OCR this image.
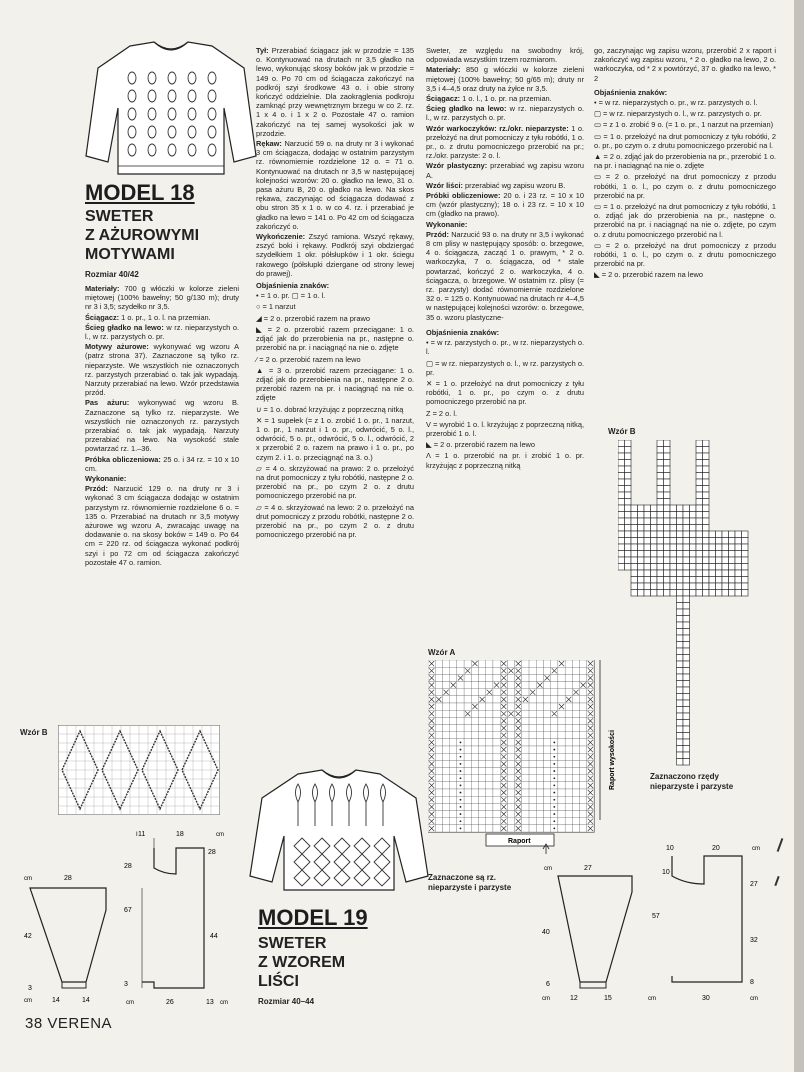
MODEL 18
SWETER
Z AŻUROWYMI
MOTYWAMI
Rozmiar 40/42

Materiały: 700 g włóczki w kolorze zieleni miętowej (100% bawełny; 50 g/130 m); druty nr 3 i 3,5; szydełko nr 3,5.

Ściągacz: 1 o. pr., 1 o. l. na przemian.

Ścieg gładko na lewo: w rz. nieparzystych o. l., w rz. parzystych o. pr.

Motywy ażurowe: wykonywać wg wzoru A (patrz strona 37). Zaznaczone są tylko rz. nieparzyste. We wszystkich nie oznaczonych rz. parzystych przerabiać o. tak jak wypadają. Narzuty przerabiać na lewo. Wzór przedstawia przód.

Pas ażuru: wykonywać wg wzoru B. Zaznaczone są tylko rz. nieparzyste. We wszystkich nie oznaczonych rz. parzystych przerabiać o. tak jak wypadają. Narzuty przerabiać na lewo. Na wysokość stale powtarzać rz. 1.–36.

Próbka obliczeniowa: 25 o. i 34 rz. = 10 x 10 cm.

Wykonanie:

Przód: Narzucić 129 o. na druty nr 3 i wykonać 3 cm ściągacza dodając w ostatnim parzystym rz. równomiernie rozdzielone 6 o. = 135 o. Przerabiać na drutach nr 3,5 motywy ażurowe wg wzoru A, zwracając uwagę na dodawanie o. na skosy boków = 149 o. Po 64 cm = 220 rz. od ściągacza wykonać podkrój szyi i po 72 cm od ściągacza zakończyć pozostałe 47 o. ramion.

Tył: Przerabiać ściągacz jak w przodzie = 135 o. Kontynuować na drutach nr 3,5 gładko na lewo, wykonując skosy boków jak w przodzie = 149 o. Po 70 cm od ściągacza zakończyć na podkrój szyi środkowe 43 o. i obie strony kończyć oddzielnie. Dla zaokrąglenia podkroju zamknąć przy wewnętrznym brzegu w co 2. rz. 1 x 4 o. i 1 x 2 o. Pozostałe 47 o. ramion zakończyć na tej samej wysokości jak w przodzie.

Rękaw: Narzucić 59 o. na druty nr 3 i wykonać 3 cm ściągacza, dodając w ostatnim parzystym rz. równomiernie rozdzielone 12 o. = 71 o. Kontynuować na drutach nr 3,5 w następującej kolejności wzorów: 20 o. gładko na lewo, 31 o. pasa ażuru B, 20 o. gładko na lewo. Na skos rękawa, zaczynając od ściągacza dodawać z obu stron 35 x 1 o. w co 4. rz. i przerabiać je gładko na lewo = 141 o. Po 42 cm od ściągacza zakończyć o.

Wykończenie: Zszyć ramiona. Wszyć rękawy, zszyć boki i rękawy. Podkrój szyi obdziergać szydełkiem 1 okr. półsłupków i 1 okr. ściegu rakowego (półsłupki dziergane od strony lewej do prawej).

Objaśnienia znaków:

• = 1 o. pr. ▢ = 1 o. l.

○ = 1 narzut

◢ = 2 o. przerobić razem na prawo

◣ = 2 o. przerobić razem przeciągane: 1 o. zdjąć jak do przerobienia na pr., następne o. przerobić na pr. i naciągnąć na nie o. zdjęte

⁄ = 2 o. przerobić razem na lewo

▲ = 3 o. przerobić razem przeciągane: 1 o. zdjąć jak do przerobienia na pr., następne 2 o. przerobić razem na pr. i naciągnąć na nie o. zdjęte

∪ = 1 o. dobrać krzyżując z poprzeczną nitką

✕ = 1 supełek (= z 1 o. zrobić 1 o. pr., 1 narzut, 1 o. pr., 1 narzut i 1 o. pr., odwrócić, 5 o. l., odwrócić, 5 o. pr., odwrócić, 5 o. l., odwrócić, 2 x przerobić 2 o. razem na prawo i 1 o. pr., po czym 2. i 1. o. przeciągnąć na 3. o.)

▱ = 4 o. skrzyżować na prawo: 2 o. przełożyć na drut pomocniczy z tyłu robótki, następne 2 o. przerobić na pr., po czym 2 o. z drutu pomocniczego przerobić na pr.

▱ = 4 o. skrzyżować na lewo: 2 o. przełożyć na drut pomocniczy z przodu robótki, następne 2 o. przerobić na pr., po czym 2 o. z drutu pomocniczego przerobić na pr.

Wzór B
cm	28
42
cm	14	14
3
I 11	18	cm
28
28
67
44
3
cm	26	13 cm
MODEL 19
SWETER
Z WZOREM
LIŚCI
Rozmiar 40–44

Sweter, ze względu na swobodny krój, odpowiada wszystkim trzem rozmiarom.

Materiały: 850 g włóczki w kolorze zieleni miętowej (100% bawełny; 50 g/65 m); druty nr 3,5 i 4–4,5 oraz druty na żyłce nr 3,5.

Ściągacz: 1 o. l., 1 o. pr. na przemian.

Ścieg gładko na lewo: w rz. nieparzystych o. l., w rz. parzystych o. pr.

Wzór warkoczyków: rz./okr. nieparzyste: 1 o. przełożyć na drut pomocniczy z tyłu robótki, 1 o. pr., o. z drutu pomocniczego przerobić na pr.; rz./okr. parzyste: 2 o. l.

Wzór plastyczny: przerabiać wg zapisu wzoru A.

Wzór liści: przerabiać wg zapisu wzoru B.

Próbki obliczeniowe: 20 o. i 23 rz. = 10 x 10 cm (wzór plastyczny); 18 o. i 23 rz. = 10 x 10 cm (gładko na prawo).

Wykonanie:

Przód: Narzucić 93 o. na druty nr 3,5 i wykonać 8 cm plisy w następujący sposób: o. brzegowe, 4 o. ściągacza, zacząć 1 o. prawym, * 2 o. warkoczyka, 7 o. ściągacza, od * stale powtarzać, kończyć 2 o. warkoczyka, 4 o. ściągacza, o. brzegowe. W ostatnim rz. plisy (= rz. parzysty) dodać równomiernie rozdzielone 32 o. = 125 o. Kontynuować na drutach nr 4–4,5 w następującej kolejności wzorów: o. brzegowe, 35 o. wzoru plastyczne-

Objaśnienia znaków:

• = w rz. parzystych o. pr., w rz. nieparzystych o. l.

▢ = w rz. nieparzystych o. l., w rz. parzystych o. pr.

✕ = 1 o. przełożyć na drut pomocniczy z tyłu robótki, 1 o. pr., po czym o. z drutu pomocniczego przerobić na pr.

Z = 2 o. l.

V = wyrobić 1 o. l. krzyżując z poprzeczną nitką, przerobić 1 o. l.

◣ = 2 o. przerobić razem na lewo

Λ = 1 o. przerobić na pr. i zrobić 1 o. pr. krzyżując z poprzeczną nitką

go, zaczynając wg zapisu wzoru, przerobić 2 x raport i zakończyć wg zapisu wzoru, * 2 o. gładko na lewo, 2 o. warkoczyka, od * 2 x powtórzyć, 37 o. gładko na lewo, * 2

Objaśnienia znaków:

• = w rz. nieparzystych o. pr., w rz. parzystych o. l.

▢ = w rz. nieparzystych o. l., w rz. parzystych o. pr.

▭ = z 1 o. zrobić 9 o. (= 1 o. pr., 1 narzut na przemian)

▭ = 1 o. przełożyć na drut pomocniczy z tyłu robótki, 2 o. pr., po czym o. z drutu pomocniczego przerobić na l.

▲ = 2 o. zdjąć jak do przerobienia na pr., przerobić 1 o. na pr. i naciągnąć na nie o. zdjęte

▭ = 2 o. przełożyć na drut pomocniczy z przodu robótki, 1 o. l., po czym o. z drutu pomocniczego przerobić na pr.

▭ = 1 o. przełożyć na drut pomocniczy z tyłu robótki, 1 o. zdjąć jak do przerobienia na pr., następne o. przerobić na pr. i naciągnąć na nie o. zdjęte, po czym o. z drutu pomocniczego przerobić na l.

▭ = 2 o. przełożyć na drut pomocniczy z przodu robótki, 1 o. l., po czym o. z drutu pomocniczego przerobić na pr.

◣ = 2 o. przerobić razem na lewo

Wzór A
Raport wysokości
Raport
Zaznaczone są rz. nieparzyste i parzyste
Wzór B
Zaznaczono rzędy nieparzyste i parzyste
cm	27
40
6
cm	12	15
10	20	cm
10
57
27
32
8
cm	30	cm
38 VERENA
